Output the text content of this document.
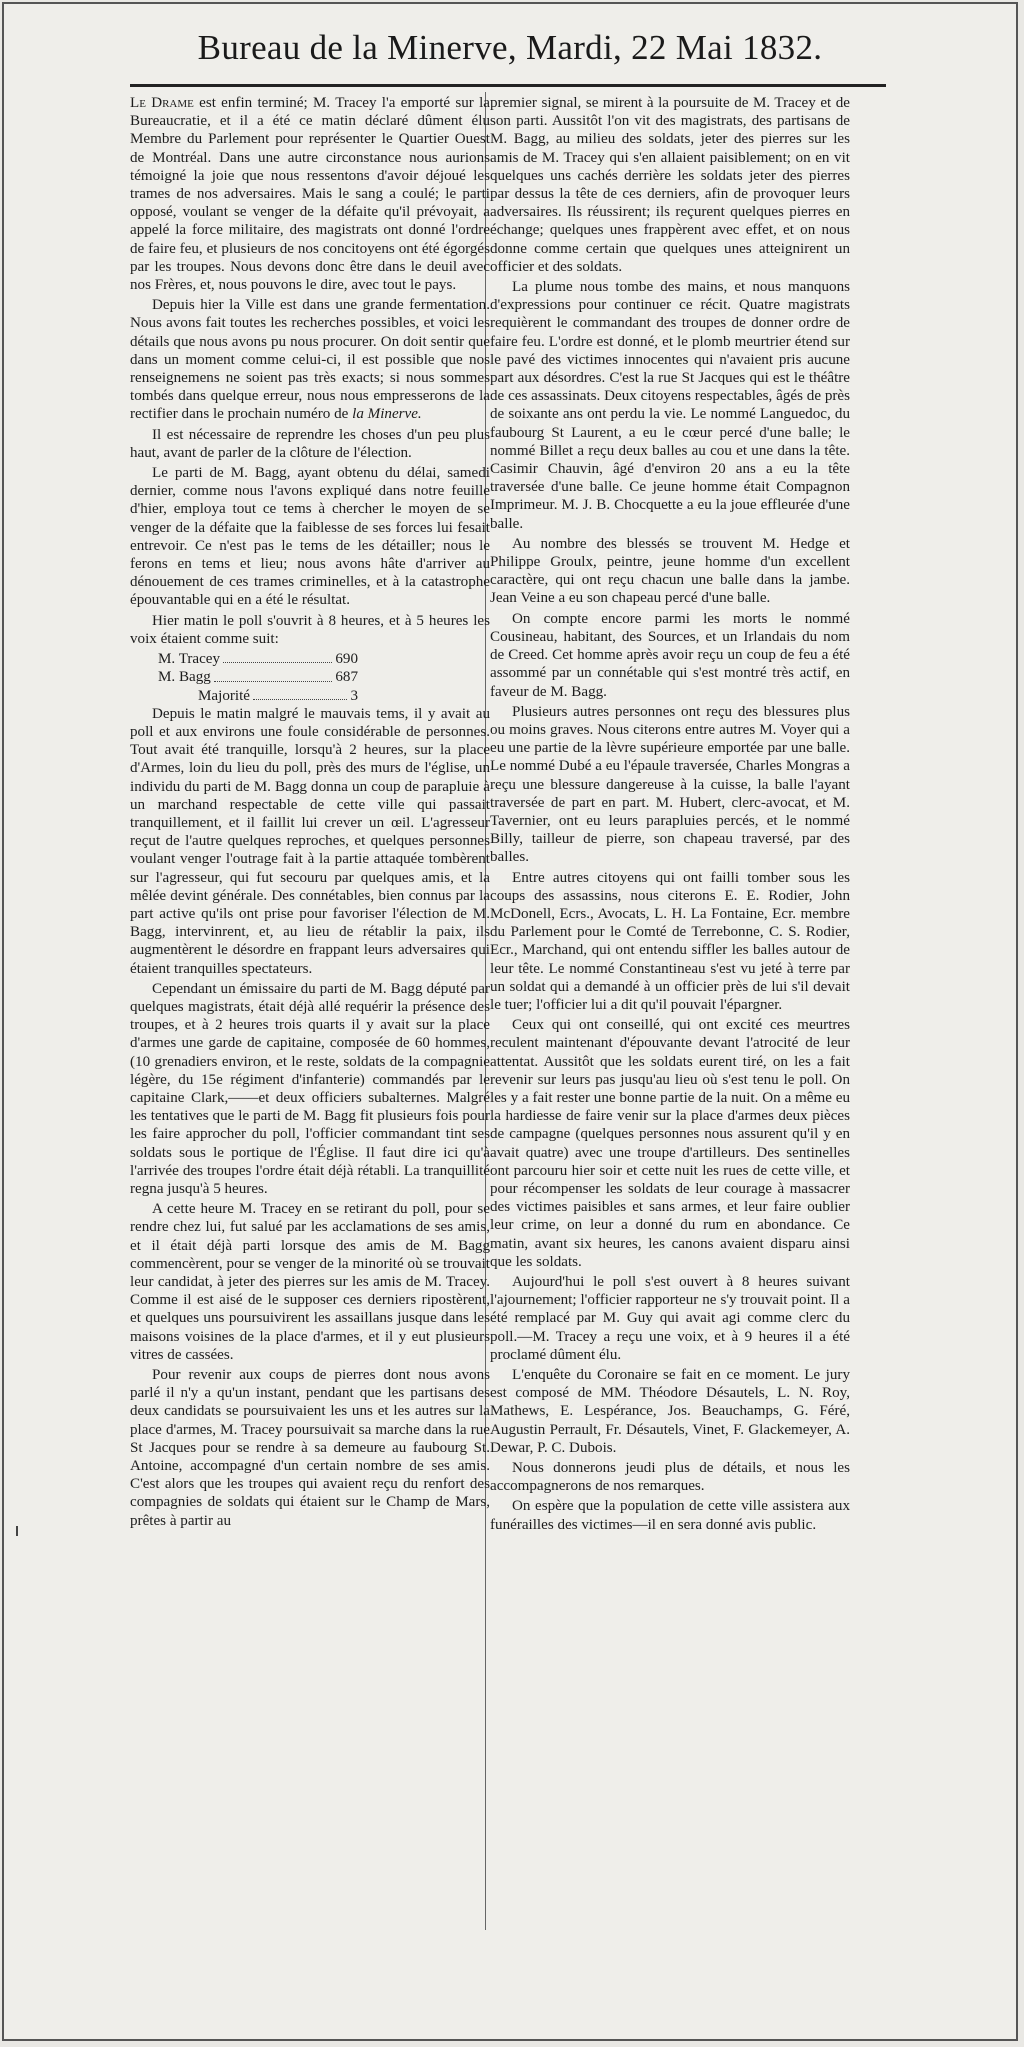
Bureau de la Minerve, Mardi, 22 Mai 1832.

Le Drame est enfin terminé; M. Tracey l'a emporté sur la Bureaucratie, et il a été ce matin déclaré dûment élu Membre du Parlement pour représenter le Quartier Ouest de Montréal. Dans une autre circonstance nous aurions témoigné la joie que nous ressentons d'avoir déjoué les trames de nos adversaires. Mais le sang a coulé; le parti opposé, voulant se venger de la défaite qu'il prévoyait, a appelé la force militaire, des magistrats ont donné l'ordre de faire feu, et plusieurs de nos concitoyens ont été égorgés par les troupes. Nous devons donc être dans le deuil avec nos Frères, et, nous pouvons le dire, avec tout le pays.

Depuis hier la Ville est dans une grande fermentation. Nous avons fait toutes les recherches possibles, et voici les détails que nous avons pu nous procurer. On doit sentir que dans un moment comme celui-ci, il est possible que nos renseignemens ne soient pas très exacts; si nous sommes tombés dans quelque erreur, nous nous empresserons de la rectifier dans le prochain numéro de la Minerve.

Il est nécessaire de reprendre les choses d'un peu plus haut, avant de parler de la clôture de l'élection.

Le parti de M. Bagg, ayant obtenu du délai, samedi dernier, comme nous l'avons expliqué dans notre feuille d'hier, employa tout ce tems à chercher le moyen de se venger de la défaite que la faiblesse de ses forces lui fesait entrevoir. Ce n'est pas le tems de les détailler; nous le ferons en tems et lieu; nous avons hâte d'arriver au dénouement de ces trames criminelles, et à la catastrophe épouvantable qui en a été le résultat.

Hier matin le poll s'ouvrit à 8 heures, et à 5 heures les voix étaient comme suit:

M. Tracey	690
M. Bagg	687
Majorité	3

Depuis le matin malgré le mauvais tems, il y avait au poll et aux environs une foule considérable de personnes. Tout avait été tranquille, lorsqu'à 2 heures, sur la place d'Armes, loin du lieu du poll, près des murs de l'église, un individu du parti de M. Bagg donna un coup de parapluie à un marchand respectable de cette ville qui passait tranquillement, et il faillit lui crever un œil. L'agresseur reçut de l'autre quelques reproches, et quelques personnes voulant venger l'outrage fait à la partie attaquée tombèrent sur l'agresseur, qui fut secouru par quelques amis, et la mêlée devint générale. Des connétables, bien connus par la part active qu'ils ont prise pour favoriser l'élection de M. Bagg, intervinrent, et, au lieu de rétablir la paix, ils augmentèrent le désordre en frappant leurs adversaires qui étaient tranquilles spectateurs.

Cependant un émissaire du parti de M. Bagg député par quelques magistrats, était déjà allé requérir la présence des troupes, et à 2 heures trois quarts il y avait sur la place d'armes une garde de capitaine, composée de 60 hommes, (10 grenadiers environ, et le reste, soldats de la compagnie légère, du 15e régiment d'infanterie) commandés par le capitaine Clark,——et deux officiers subalternes. Malgré les tentatives que le parti de M. Bagg fit plusieurs fois pour les faire approcher du poll, l'officier commandant tint ses soldats sous le portique de l'Église. Il faut dire ici qu'à l'arrivée des troupes l'ordre était déjà rétabli. La tranquillité regna jusqu'à 5 heures.

A cette heure M. Tracey en se retirant du poll, pour se rendre chez lui, fut salué par les acclamations de ses amis, et il était déjà parti lorsque des amis de M. Bagg commencèrent, pour se venger de la minorité où se trouvait leur candidat, à jeter des pierres sur les amis de M. Tracey. Comme il est aisé de le supposer ces derniers ripostèrent, et quelques uns poursuivirent les assaillans jusque dans les maisons voisines de la place d'armes, et il y eut plusieurs vitres de cassées.

Pour revenir aux coups de pierres dont nous avons parlé il n'y a qu'un instant, pendant que les partisans des deux candidats se poursuivaient les uns et les autres sur la place d'armes, M. Tracey poursuivait sa marche dans la rue St Jacques pour se rendre à sa demeure au faubourg St. Antoine, accompagné d'un certain nombre de ses amis. C'est alors que les troupes qui avaient reçu du renfort des compagnies de soldats qui étaient sur le Champ de Mars, prêtes à partir au

premier signal, se mirent à la poursuite de M. Tracey et de son parti. Aussitôt l'on vit des magistrats, des partisans de M. Bagg, au milieu des soldats, jeter des pierres sur les amis de M. Tracey qui s'en allaient paisiblement; on en vit quelques uns cachés derrière les soldats jeter des pierres par dessus la tête de ces derniers, afin de provoquer leurs adversaires. Ils réussirent; ils reçurent quelques pierres en échange; quelques unes frappèrent avec effet, et on nous donne comme certain que quelques unes atteignirent un officier et des soldats.

La plume nous tombe des mains, et nous manquons d'expressions pour continuer ce récit. Quatre magistrats requièrent le commandant des troupes de donner ordre de faire feu. L'ordre est donné, et le plomb meurtrier étend sur le pavé des victimes innocentes qui n'avaient pris aucune part aux désordres. C'est la rue St Jacques qui est le théâtre de ces assassinats. Deux citoyens respectables, âgés de près de soixante ans ont perdu la vie. Le nommé Languedoc, du faubourg St Laurent, a eu le cœur percé d'une balle; le nommé Billet a reçu deux balles au cou et une dans la tête. Casimir Chauvin, âgé d'environ 20 ans a eu la tête traversée d'une balle. Ce jeune homme était Compagnon Imprimeur. M. J. B. Chocquette a eu la joue effleurée d'une balle.

Au nombre des blessés se trouvent M. Hedge et Philippe Groulx, peintre, jeune homme d'un excellent caractère, qui ont reçu chacun une balle dans la jambe. Jean Veine a eu son chapeau percé d'une balle.

On compte encore parmi les morts le nommé Cousineau, habitant, des Sources, et un Irlandais du nom de Creed. Cet homme après avoir reçu un coup de feu a été assommé par un connétable qui s'est montré très actif, en faveur de M. Bagg.

Plusieurs autres personnes ont reçu des blessures plus ou moins graves. Nous citerons entre autres M. Voyer qui a eu une partie de la lèvre supérieure emportée par une balle. Le nommé Dubé a eu l'épaule traversée, Charles Mongras a reçu une blessure dangereuse à la cuisse, la balle l'ayant traversée de part en part. M. Hubert, clerc-avocat, et M. Tavernier, ont eu leurs parapluies percés, et le nommé Billy, tailleur de pierre, son chapeau traversé, par des balles.

Entre autres citoyens qui ont failli tomber sous les coups des assassins, nous citerons E. E. Rodier, John McDonell, Ecrs., Avocats, L. H. La Fontaine, Ecr. membre du Parlement pour le Comté de Terrebonne, C. S. Rodier, Ecr., Marchand, qui ont entendu siffler les balles autour de leur tête. Le nommé Constantineau s'est vu jeté à terre par un soldat qui a demandé à un officier près de lui s'il devait le tuer; l'officier lui a dit qu'il pouvait l'épargner.

Ceux qui ont conseillé, qui ont excité ces meurtres reculent maintenant d'épouvante devant l'atrocité de leur attentat. Aussitôt que les soldats eurent tiré, on les a fait revenir sur leurs pas jusqu'au lieu où s'est tenu le poll. On les y a fait rester une bonne partie de la nuit. On a même eu la hardiesse de faire venir sur la place d'armes deux pièces de campagne (quelques personnes nous assurent qu'il y en avait quatre) avec une troupe d'artilleurs. Des sentinelles ont parcouru hier soir et cette nuit les rues de cette ville, et pour récompenser les soldats de leur courage à massacrer des victimes paisibles et sans armes, et leur faire oublier leur crime, on leur a donné du rum en abondance. Ce matin, avant six heures, les canons avaient disparu ainsi que les soldats.

Aujourd'hui le poll s'est ouvert à 8 heures suivant l'ajournement; l'officier rapporteur ne s'y trouvait point. Il a été remplacé par M. Guy qui avait agi comme clerc du poll.—M. Tracey a reçu une voix, et à 9 heures il a été proclamé dûment élu.

L'enquête du Coronaire se fait en ce moment. Le jury est composé de MM. Théodore Désautels, L. N. Roy, Mathews, E. Lespérance, Jos. Beauchamps, G. Féré, Augustin Perrault, Fr. Désautels, Vinet, F. Glackemeyer, A. Dewar, P. C. Dubois.

Nous donnerons jeudi plus de détails, et nous les accompagnerons de nos remarques.

On espère que la population de cette ville assistera aux funérailles des victimes—il en sera donné avis public.
